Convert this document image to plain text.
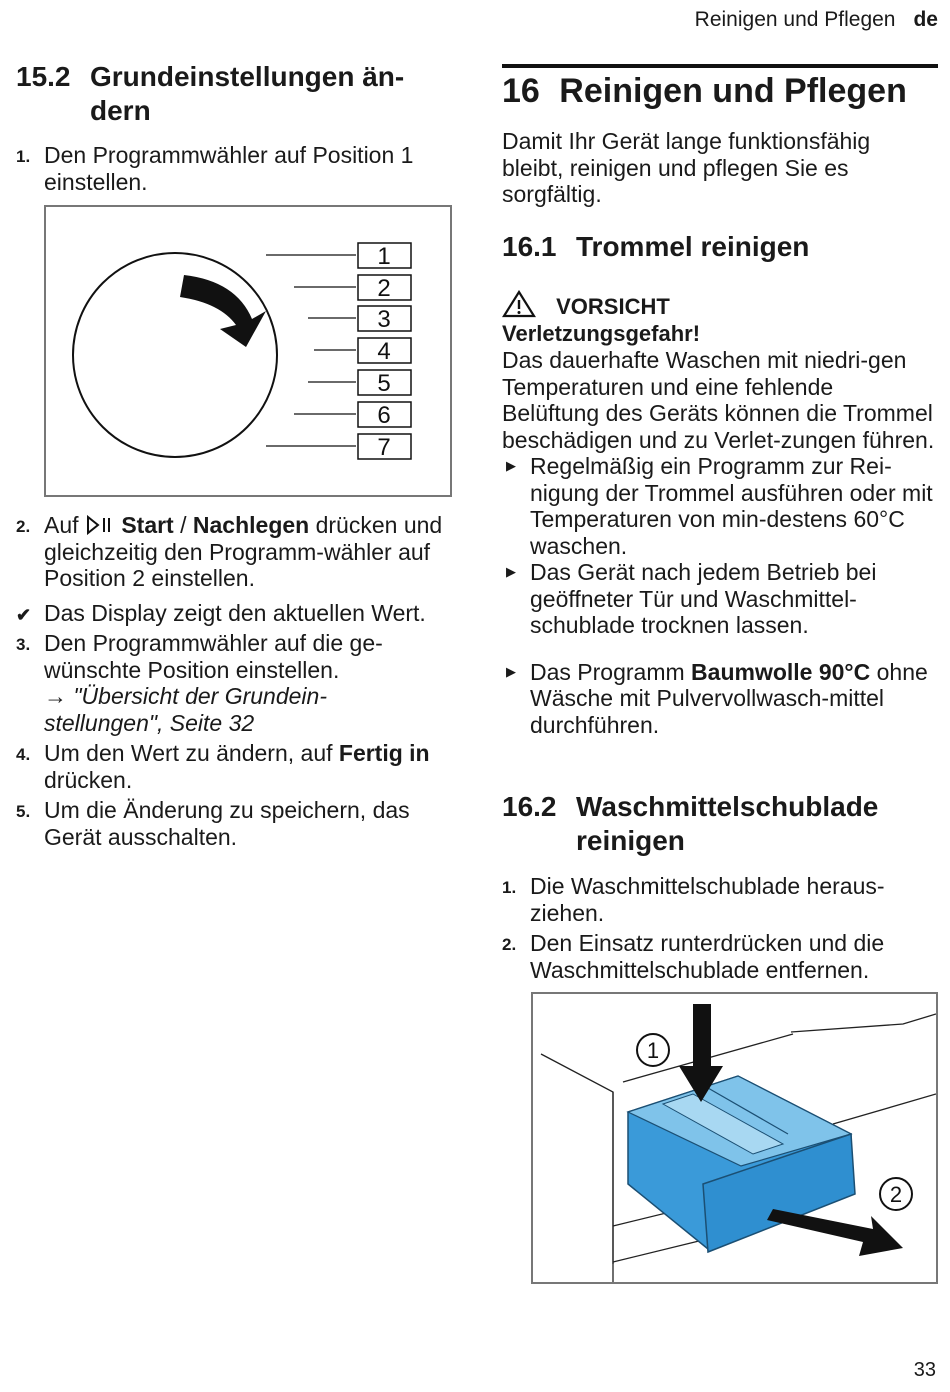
Reinigen und Pflegen de
15.2 Grundeinstellungen än-
dern
1. Den Programmwähler auf Position 1 einstellen.
1
2
3
4
5
6
7
2. Auf Start / Nachlegen drücken und gleichzeitig den Programm-wähler auf Position 2 einstellen.
✔ Das Display zeigt den aktuellen Wert.
3. Den Programmwähler auf die ge-wünschte Position einstellen.
→ "Übersicht der Grundein-stellungen", Seite 32
4. Um den Wert zu ändern, auf Fertig in drücken.
5. Um die Änderung zu speichern, das Gerät ausschalten.
16 Reinigen und Pflegen
Damit Ihr Gerät lange funktionsfähig bleibt, reinigen und pflegen Sie es sorgfältig.
16.1 Trommel reinigen
VORSICHT
Verletzungsgefahr!
Das dauerhafte Waschen mit niedri-gen Temperaturen und eine fehlende Belüftung des Geräts können die Trommel beschädigen und zu Verlet-zungen führen.
▶ Regelmäßig ein Programm zur Rei-nigung der Trommel ausführen oder mit Temperaturen von min-destens 60°C waschen.
▶ Das Gerät nach jedem Betrieb bei geöffneter Tür und Waschmittel-schublade trocknen lassen.
▶ Das Programm Baumwolle 90°C ohne Wäsche mit Pulvervollwasch-mittel durchführen.
16.2 Waschmittelschublade
reinigen
1. Die Waschmittelschublade heraus-ziehen.
2. Den Einsatz runterdrücken und die Waschmittelschublade entfernen.
1
2
33
